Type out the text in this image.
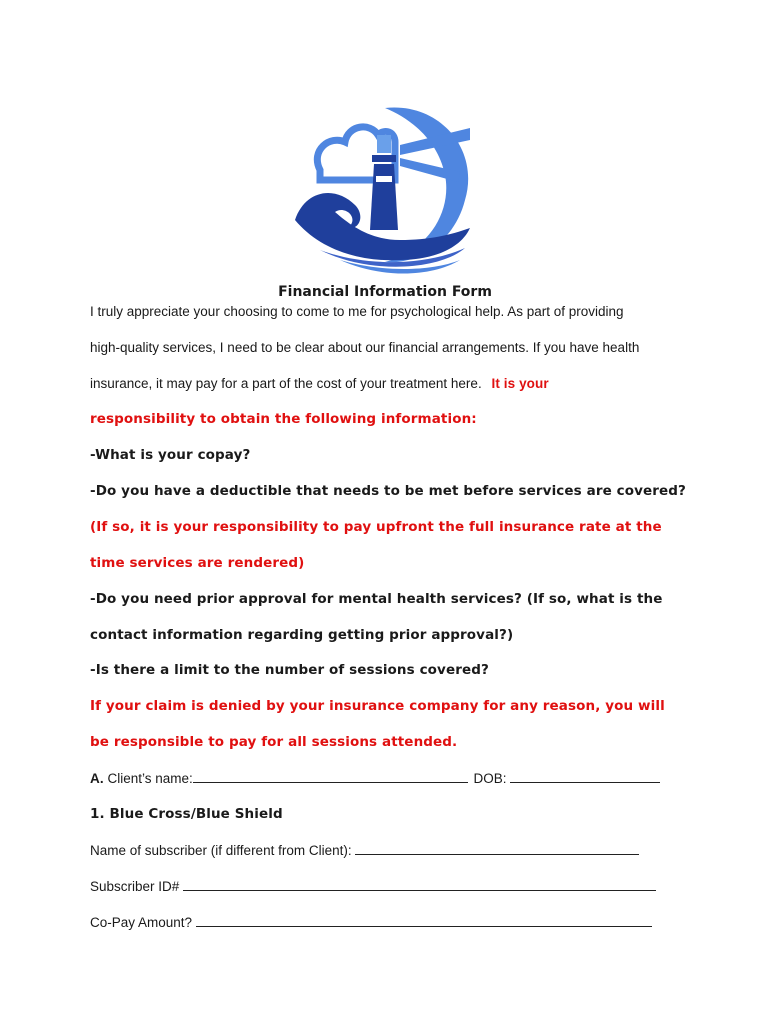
Financial Information Form
I truly appreciate your choosing to come to me for psychological help. As part of providing
high-quality services, I need to be clear about our financial arrangements. If you have health
insurance, it may pay for a part of the cost of your treatment here. It is your
responsibility to obtain the following information:
-What is your copay?
-Do you have a deductible that needs to be met before services are covered?
(If so, it is your responsibility to pay upfront the full insurance rate at the
time services are rendered)
-Do you need prior approval for mental health services? (If so, what is the
contact information regarding getting prior approval?)
-Is there a limit to the number of sessions covered?
If your claim is denied by your insurance company for any reason, you will
be responsible to pay for all sessions attended.
A. Client’s name:	DOB:
1. Blue Cross/Blue Shield
Name of subscriber (if different from Client):
Subscriber ID#
Co-Pay Amount?
